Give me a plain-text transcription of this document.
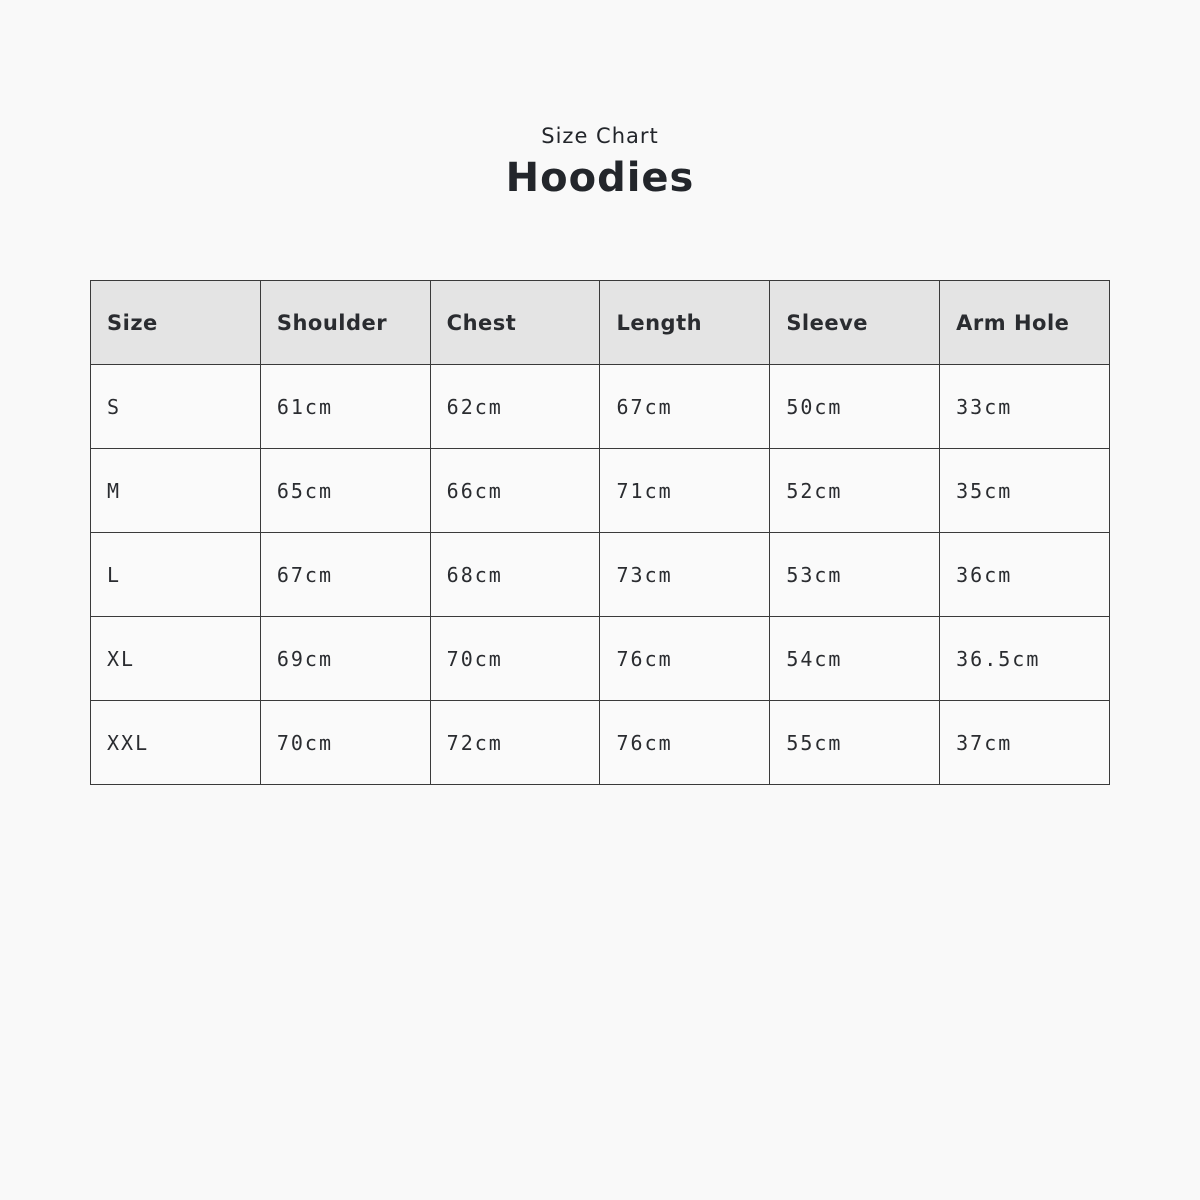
Size Chart
Hoodies
Size	Shoulder	Chest	Length	Sleeve	Arm Hole
S	61cm	62cm	67cm	50cm	33cm
M	65cm	66cm	71cm	52cm	35cm
L	67cm	68cm	73cm	53cm	36cm
XL	69cm	70cm	76cm	54cm	36.5cm
XXL	70cm	72cm	76cm	55cm	37cm
